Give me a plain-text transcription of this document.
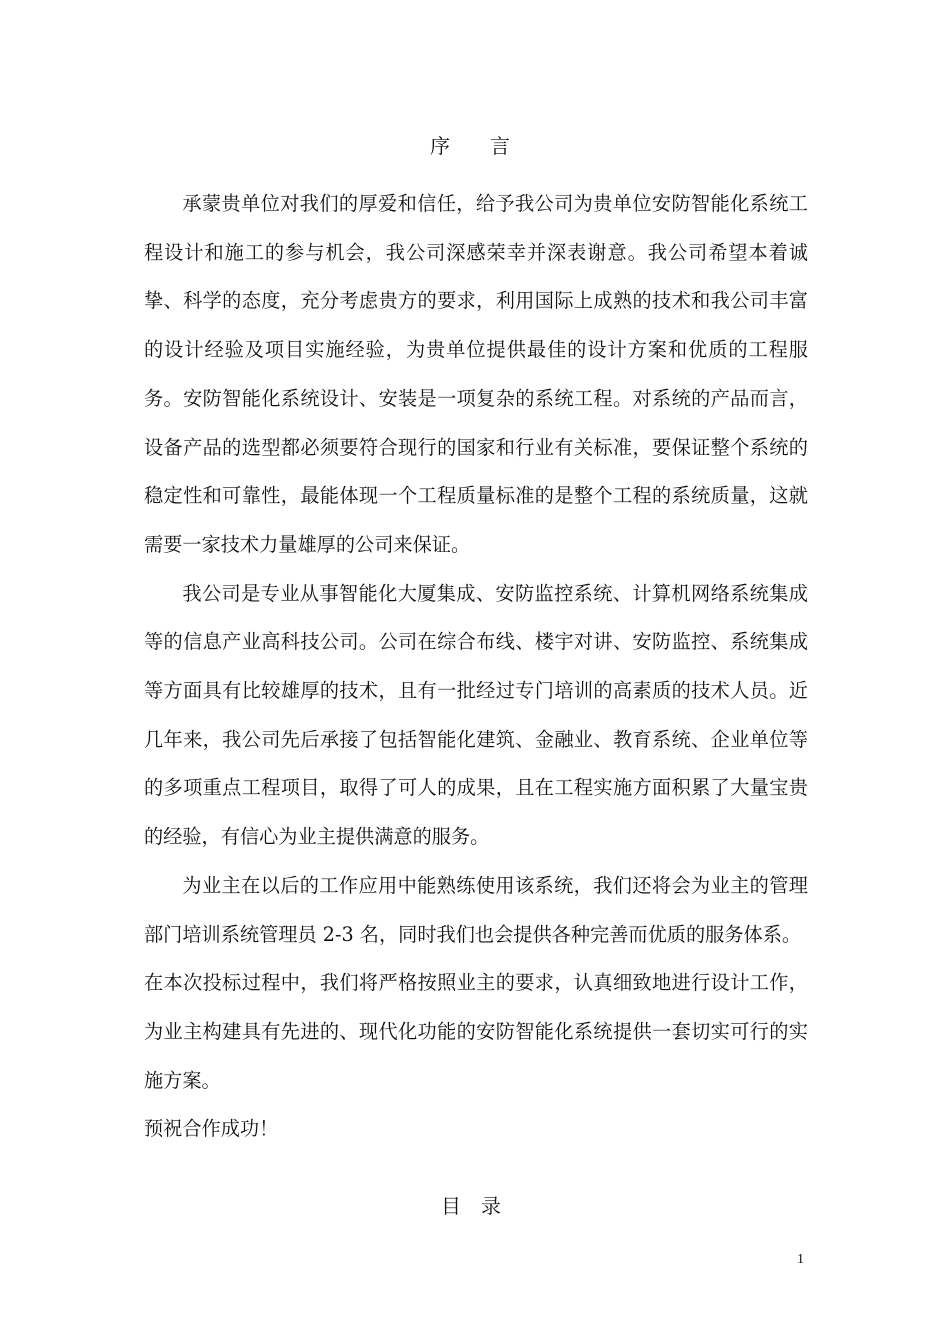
序　　言

承蒙贵单位对我们的厚爱和信任，给予我公司为贵单位安防智能化系统工程设计和施工的参与机会，我公司深感荣幸并深表谢意。我公司希望本着诚挚、科学的态度，充分考虑贵方的要求，利用国际上成熟的技术和我公司丰富的设计经验及项目实施经验，为贵单位提供最佳的设计方案和优质的工程服务。安防智能化系统设计、安装是一项复杂的系统工程。对系统的产品而言，设备产品的选型都必须要符合现行的国家和行业有关标准，要保证整个系统的稳定性和可靠性，最能体现一个工程质量标准的是整个工程的系统质量，这就需要一家技术力量雄厚的公司来保证。

我公司是专业从事智能化大厦集成、安防监控系统、计算机网络系统集成等的信息产业高科技公司。公司在综合布线、楼宇对讲、安防监控、系统集成等方面具有比较雄厚的技术，且有一批经过专门培训的高素质的技术人员。近几年来，我公司先后承接了包括智能化建筑、金融业、教育系统、企业单位等的多项重点工程项目，取得了可人的成果，且在工程实施方面积累了大量宝贵的经验，有信心为业主提供满意的服务。

为业主在以后的工作应用中能熟练使用该系统，我们还将会为业主的管理部门培训系统管理员 2-3 名，同时我们也会提供各种完善而优质的服务体系。

在本次投标过程中，我们将严格按照业主的要求，认真细致地进行设计工作，为业主构建具有先进的、现代化功能的安防智能化系统提供一套切实可行的实施方案。

预祝合作成功！

目　录
1
